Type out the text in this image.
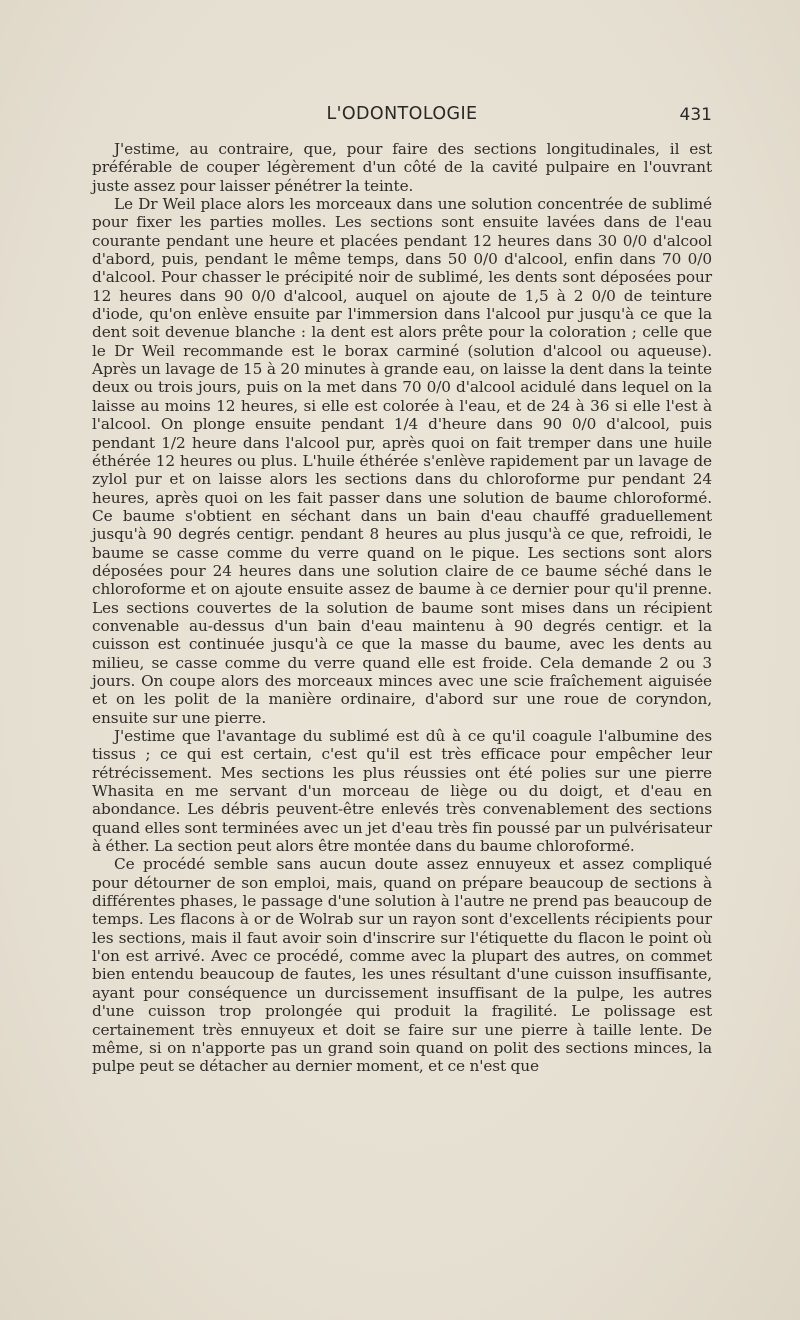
L'ODONTOLOGIE	431

J'estime, au contraire, que, pour faire des sections longitudinales, il est préférable de couper légèrement d'un côté de la cavité pulpaire en l'ouvrant juste assez pour laisser pénétrer la teinte.

Le Dr Weil place alors les morceaux dans une solution concentrée de sublimé pour fixer les parties molles. Les sections sont ensuite lavées dans de l'eau courante pendant une heure et placées pendant 12 heures dans 30 0/0 d'alcool d'abord, puis, pendant le même temps, dans 50 0/0 d'alcool, enfin dans 70 0/0 d'alcool. Pour chasser le précipité noir de sublimé, les dents sont déposées pour 12 heures dans 90 0/0 d'alcool, auquel on ajoute de 1,5 à 2 0/0 de teinture d'iode, qu'on enlève ensuite par l'immersion dans l'alcool pur jusqu'à ce que la dent soit devenue blanche : la dent est alors prête pour la coloration ; celle que le Dr Weil recommande est le borax carminé (solution d'alcool ou aqueuse). Après un lavage de 15 à 20 minutes à grande eau, on laisse la dent dans la teinte deux ou trois jours, puis on la met dans 70 0/0 d'alcool acidulé dans lequel on la laisse au moins 12 heures, si elle est colorée à l'eau, et de 24 à 36 si elle l'est à l'alcool. On plonge ensuite pendant 1/4 d'heure dans 90 0/0 d'alcool, puis pendant 1/2 heure dans l'alcool pur, après quoi on fait tremper dans une huile éthérée 12 heures ou plus. L'huile éthérée s'enlève rapidement par un lavage de zylol pur et on laisse alors les sections dans du chloroforme pur pendant 24 heures, après quoi on les fait passer dans une solution de baume chloroformé. Ce baume s'obtient en séchant dans un bain d'eau chauffé graduellement jusqu'à 90 degrés centigr. pendant 8 heures au plus jusqu'à ce que, refroidi, le baume se casse comme du verre quand on le pique. Les sections sont alors déposées pour 24 heures dans une solution claire de ce baume séché dans le chloroforme et on ajoute ensuite assez de baume à ce dernier pour qu'il prenne. Les sections couvertes de la solution de baume sont mises dans un récipient convenable au-dessus d'un bain d'eau maintenu à 90 degrés centigr. et la cuisson est continuée jusqu'à ce que la masse du baume, avec les dents au milieu, se casse comme du verre quand elle est froide. Cela demande 2 ou 3 jours. On coupe alors des morceaux minces avec une scie fraîchement aiguisée et on les polit de la manière ordinaire, d'abord sur une roue de coryndon, ensuite sur une pierre.

J'estime que l'avantage du sublimé est dû à ce qu'il coagule l'albumine des tissus ; ce qui est certain, c'est qu'il est très efficace pour empêcher leur rétrécissement. Mes sections les plus réussies ont été polies sur une pierre Whasita en me servant d'un morceau de liège ou du doigt, et d'eau en abondance. Les débris peuvent-être enlevés très convenablement des sections quand elles sont terminées avec un jet d'eau très fin poussé par un pulvérisateur à éther. La section peut alors être montée dans du baume chloroformé.

Ce procédé semble sans aucun doute assez ennuyeux et assez compliqué pour détourner de son emploi, mais, quand on prépare beaucoup de sections à différentes phases, le passage d'une solution à l'autre ne prend pas beaucoup de temps. Les flacons à or de Wolrab sur un rayon sont d'excellents récipients pour les sections, mais il faut avoir soin d'inscrire sur l'étiquette du flacon le point où l'on est arrivé. Avec ce procédé, comme avec la plupart des autres, on commet bien entendu beaucoup de fautes, les unes résultant d'une cuisson insuffisante, ayant pour conséquence un durcissement insuffisant de la pulpe, les autres d'une cuisson trop prolongée qui produit la fragilité. Le polissage est certainement très ennuyeux et doit se faire sur une pierre à taille lente. De même, si on n'apporte pas un grand soin quand on polit des sections minces, la pulpe peut se détacher au dernier moment, et ce n'est que
